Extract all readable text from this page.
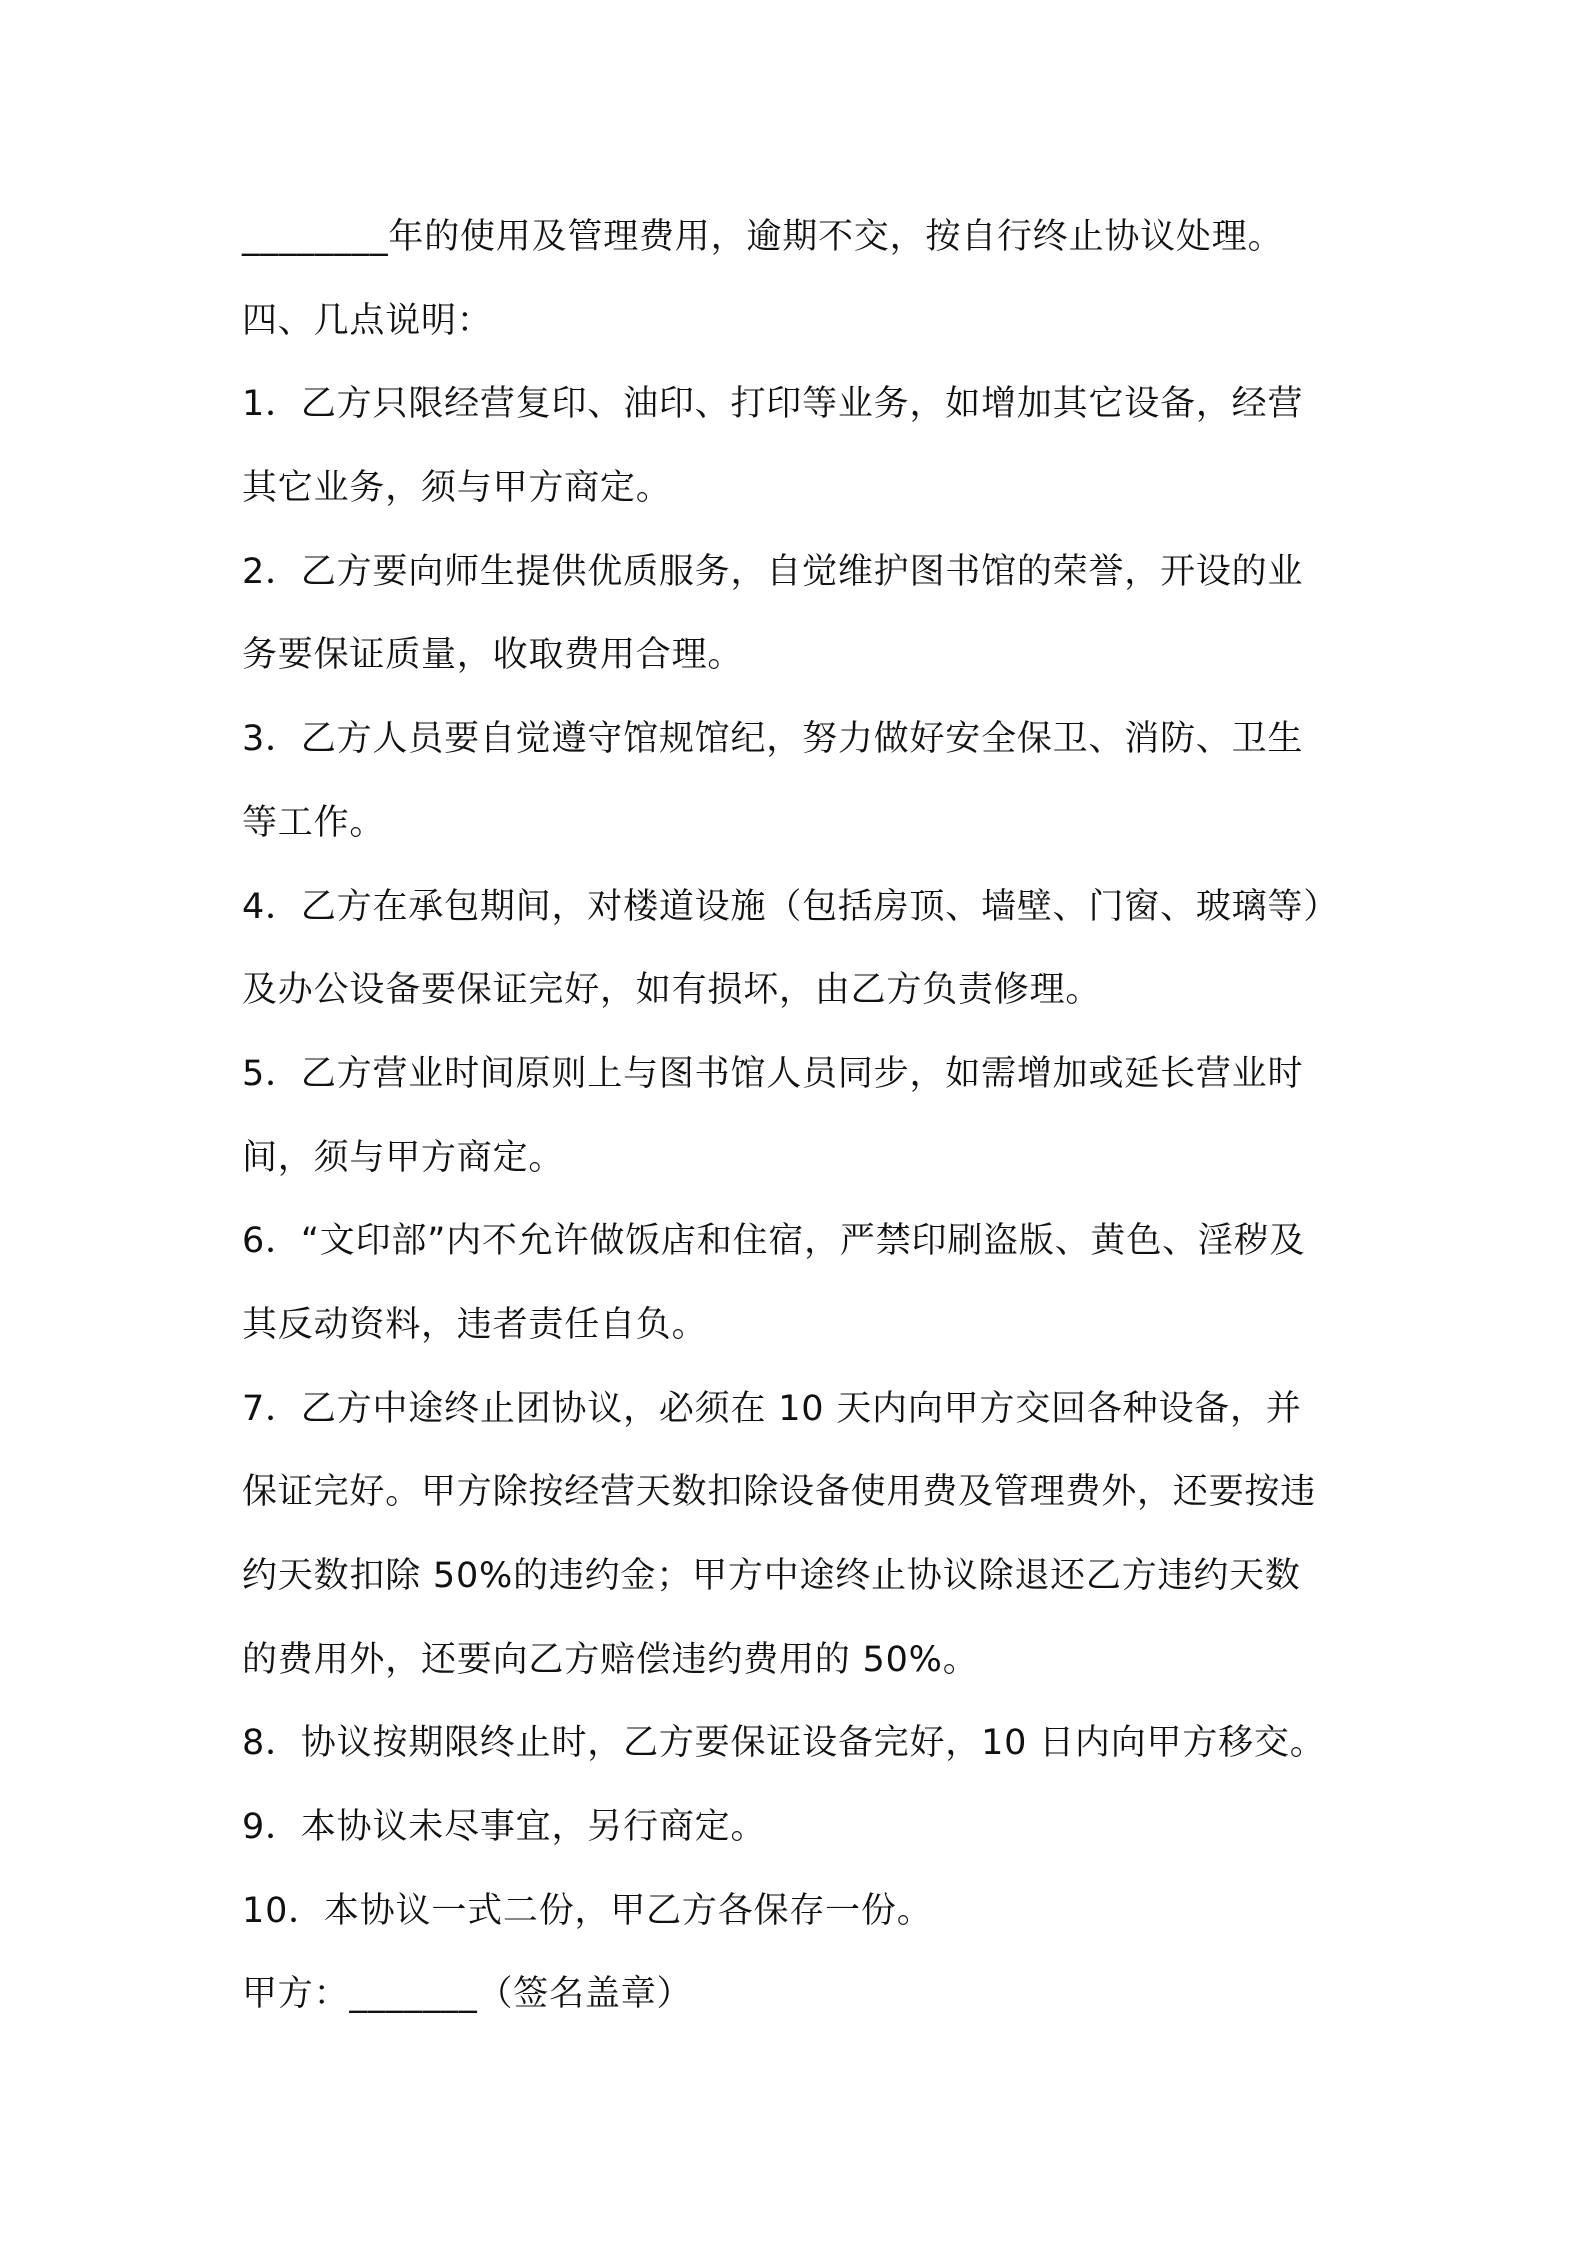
________年的使用及管理费用，逾期不交，按自行终止协议处理。
四、几点说明：
1．乙方只限经营复印、油印、打印等业务，如增加其它设备，经营
其它业务，须与甲方商定。
2．乙方要向师生提供优质服务，自觉维护图书馆的荣誉，开设的业
务要保证质量，收取费用合理。
3．乙方人员要自觉遵守馆规馆纪，努力做好安全保卫、消防、卫生
等工作。
4．乙方在承包期间，对楼道设施（包括房顶、墙壁、门窗、玻璃等）
及办公设备要保证完好，如有损坏，由乙方负责修理。
5．乙方营业时间原则上与图书馆人员同步，如需增加或延长营业时
间，须与甲方商定。
6．“文印部”内不允许做饭店和住宿，严禁印刷盗版、黄色、淫秽及
其反动资料，违者责任自负。
7．乙方中途终止团协议，必须在 10 天内向甲方交回各种设备，并
保证完好。甲方除按经营天数扣除设备使用费及管理费外，还要按违
约天数扣除 50%的违约金；甲方中途终止协议除退还乙方违约天数
的费用外，还要向乙方赔偿违约费用的 50%。
8．协议按期限终止时，乙方要保证设备完好，10 日内向甲方移交。
9．本协议未尽事宜，另行商定。
10．本协议一式二份，甲乙方各保存一份。
甲方：_______（签名盖章）
